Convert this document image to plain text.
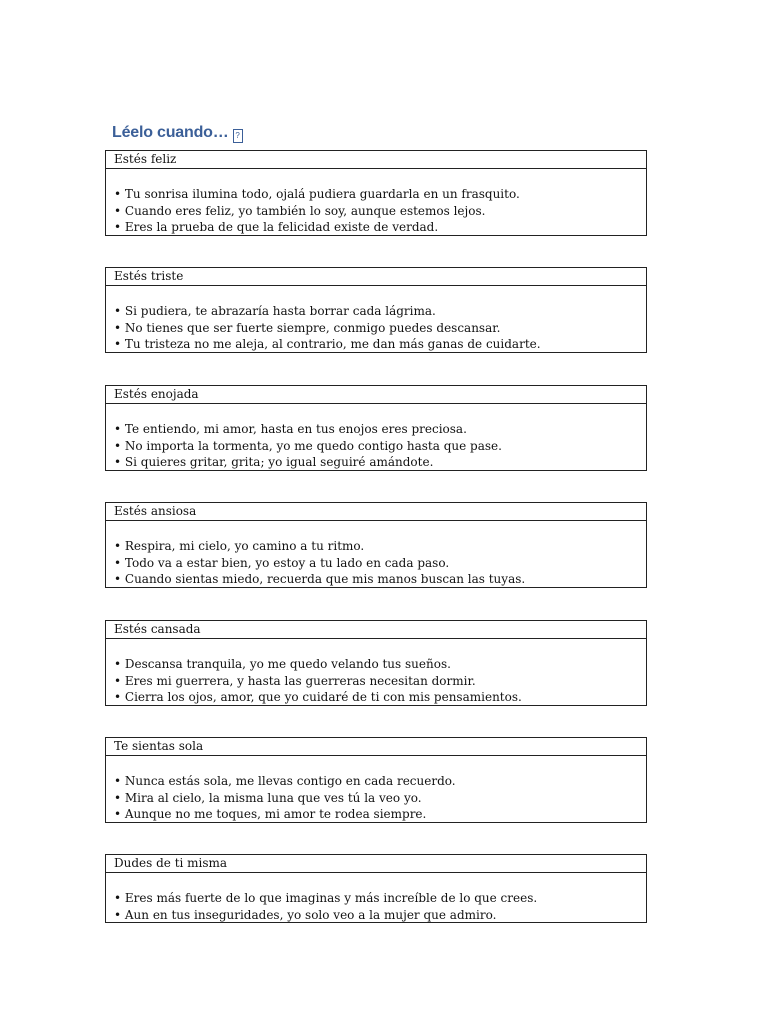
Léelo cuando… ?
Estés feliz
• Tu sonrisa ilumina todo, ojalá pudiera guardarla en un frasquito.
• Cuando eres feliz, yo también lo soy, aunque estemos lejos.
• Eres la prueba de que la felicidad existe de verdad.
Estés triste
• Si pudiera, te abrazaría hasta borrar cada lágrima.
• No tienes que ser fuerte siempre, conmigo puedes descansar.
• Tu tristeza no me aleja, al contrario, me dan más ganas de cuidarte.
Estés enojada
• Te entiendo, mi amor, hasta en tus enojos eres preciosa.
• No importa la tormenta, yo me quedo contigo hasta que pase.
• Si quieres gritar, grita; yo igual seguiré amándote.
Estés ansiosa
• Respira, mi cielo, yo camino a tu ritmo.
• Todo va a estar bien, yo estoy a tu lado en cada paso.
• Cuando sientas miedo, recuerda que mis manos buscan las tuyas.
Estés cansada
• Descansa tranquila, yo me quedo velando tus sueños.
• Eres mi guerrera, y hasta las guerreras necesitan dormir.
• Cierra los ojos, amor, que yo cuidaré de ti con mis pensamientos.
Te sientas sola
• Nunca estás sola, me llevas contigo en cada recuerdo.
• Mira al cielo, la misma luna que ves tú la veo yo.
• Aunque no me toques, mi amor te rodea siempre.
Dudes de ti misma
• Eres más fuerte de lo que imaginas y más increíble de lo que crees.
• Aun en tus inseguridades, yo solo veo a la mujer que admiro.
